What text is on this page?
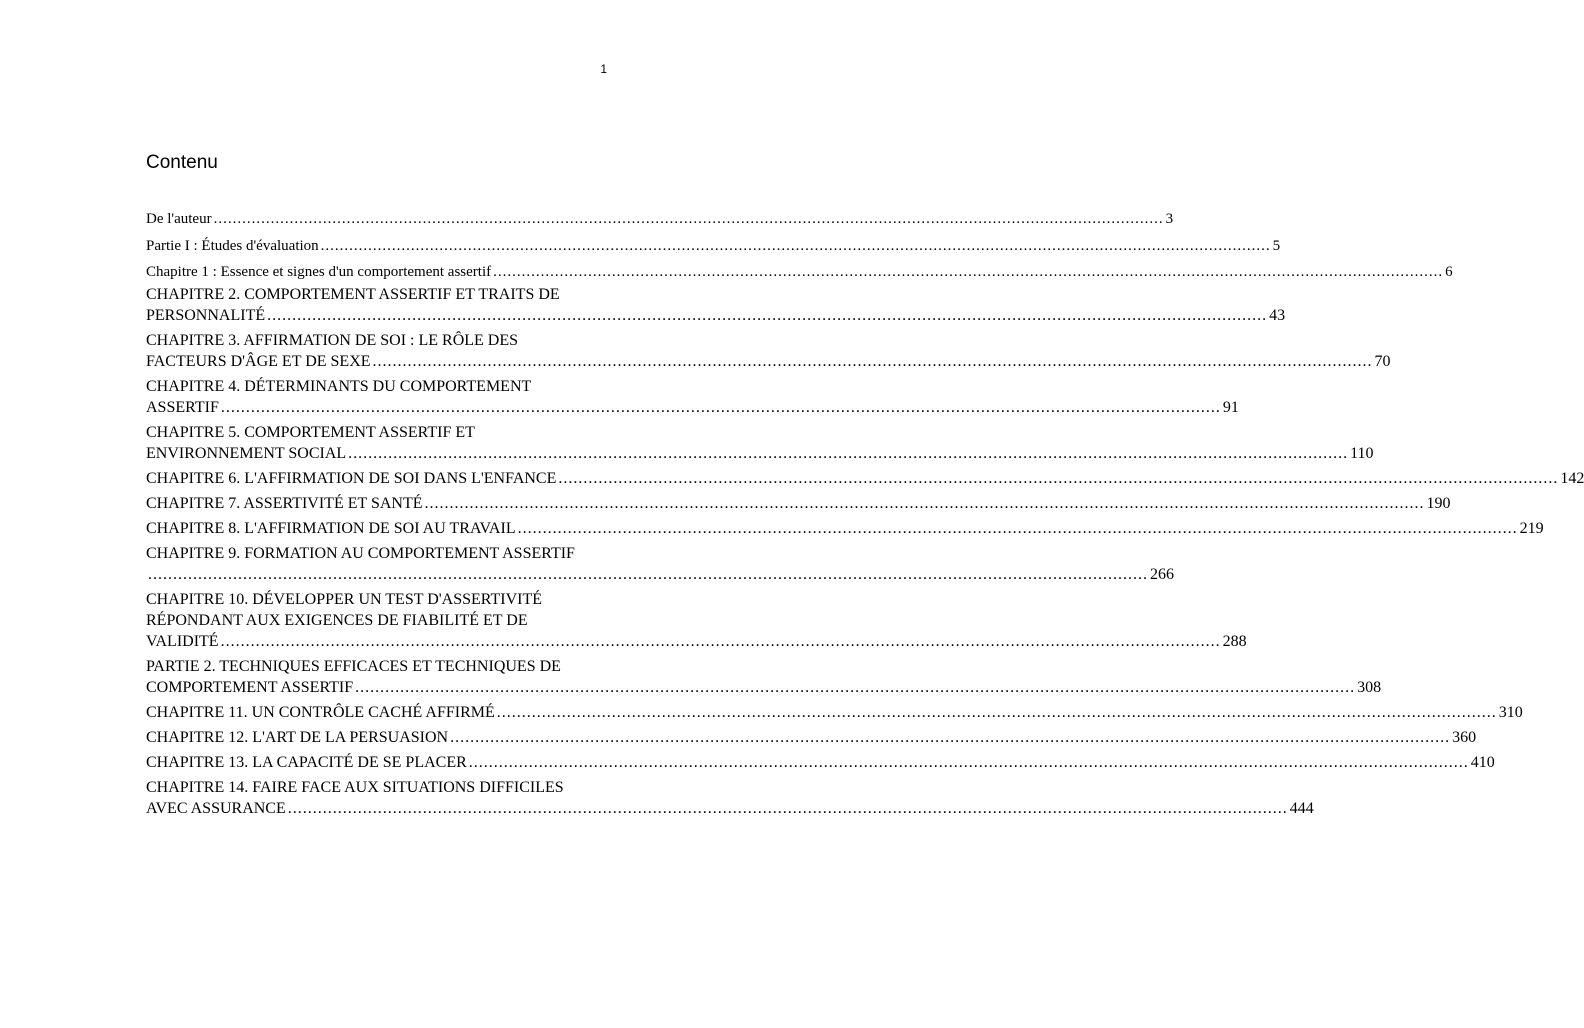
1
Contenu
De l'auteur ........................................................................................................................................................................................................ 3
Partie I : Études d'évaluation ........................................................................................................................................................................................................ 5
Chapitre 1 : Essence et signes d'un comportement assertif ........................................................................................................................................................................................................ 6
CHAPITRE 2. COMPORTEMENT ASSERTIF ET TRAITS DE
PERSONNALITÉ ........................................................................................................................................................................................................ 43
CHAPITRE 3. AFFIRMATION DE SOI : LE RÔLE DES
FACTEURS D'ÂGE ET DE SEXE ........................................................................................................................................................................................................ 70
CHAPITRE 4. DÉTERMINANTS DU COMPORTEMENT
ASSERTIF ........................................................................................................................................................................................................ 91
CHAPITRE 5. COMPORTEMENT ASSERTIF ET
ENVIRONNEMENT SOCIAL ........................................................................................................................................................................................................ 110
CHAPITRE 6. L'AFFIRMATION DE SOI DANS L'ENFANCE ........................................................................................................................................................................................................ 142
CHAPITRE 7. ASSERTIVITÉ ET SANTÉ ........................................................................................................................................................................................................ 190
CHAPITRE 8. L'AFFIRMATION DE SOI AU TRAVAIL ........................................................................................................................................................................................................ 219
CHAPITRE 9. FORMATION AU COMPORTEMENT ASSERTIF
........................................................................................................................................................................................................ 266
CHAPITRE 10. DÉVELOPPER UN TEST D'ASSERTIVITÉ
RÉPONDANT AUX EXIGENCES DE FIABILITÉ ET DE
VALIDITÉ ........................................................................................................................................................................................................ 288
PARTIE 2. TECHNIQUES EFFICACES ET TECHNIQUES DE
COMPORTEMENT ASSERTIF ........................................................................................................................................................................................................ 308
CHAPITRE 11. UN CONTRÔLE CACHÉ AFFIRMÉ ........................................................................................................................................................................................................ 310
CHAPITRE 12. L'ART DE LA PERSUASION ........................................................................................................................................................................................................ 360
CHAPITRE 13. LA CAPACITÉ DE SE PLACER ........................................................................................................................................................................................................ 410
CHAPITRE 14. FAIRE FACE AUX SITUATIONS DIFFICILES
AVEC ASSURANCE ........................................................................................................................................................................................................ 444
